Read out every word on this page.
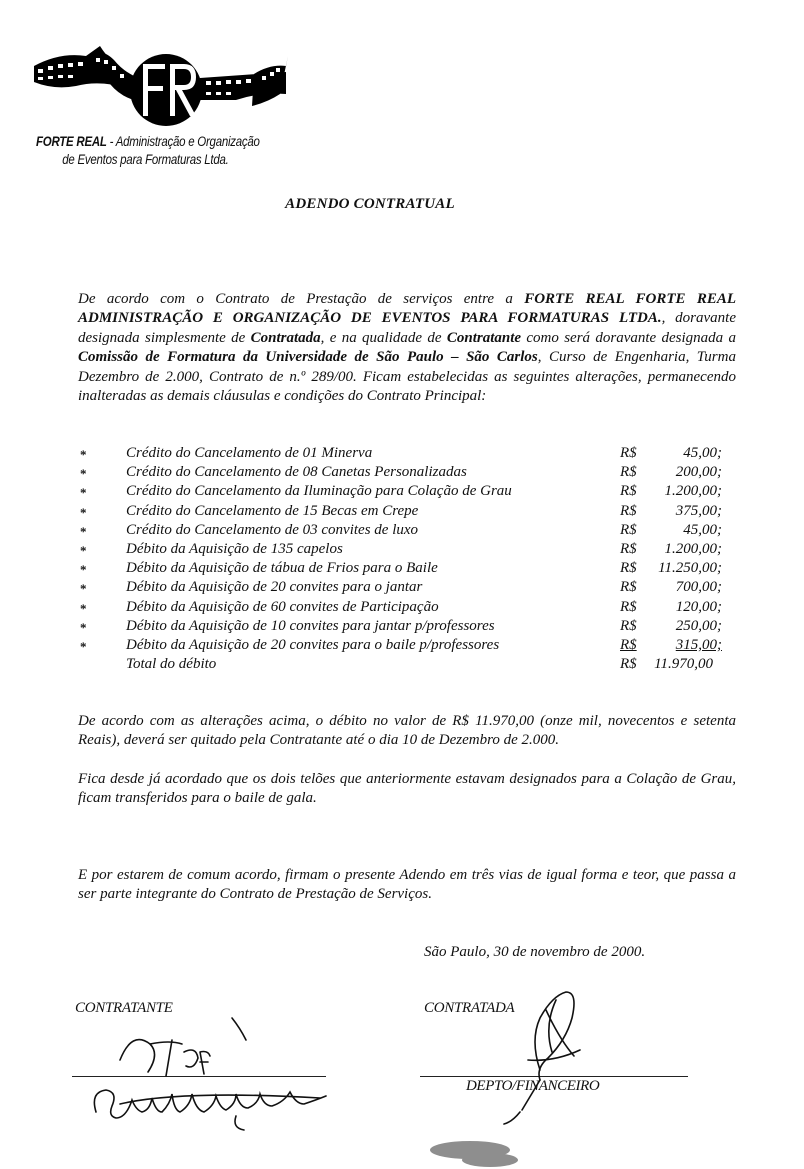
FORTE REAL - Administração e Organização
de Eventos para Formaturas Ltda.
ADENDO CONTRATUAL
De acordo com o Contrato de Prestação de serviços entre a FORTE REAL FORTE REAL ADMINISTRAÇÃO E ORGANIZAÇÃO DE EVENTOS PARA FORMATURAS LTDA., doravante designada simplesmente de Contratada, e na qualidade de Contratante como será doravante designada a Comissão de Formatura da Universidade de São Paulo – São Carlos, Curso de Engenharia, Turma Dezembro de 2.000, Contrato de n.º 289/00. Ficam estabelecidas as seguintes alterações, permanecendo inalteradas as demais cláusulas e condições do Contrato Principal:
*	Crédito do Cancelamento de 01 Minerva	R$	45,00;
*	Crédito do Cancelamento de 08 Canetas Personalizadas	R$	200,00;
*	Crédito do Cancelamento da Iluminação para Colação de Grau	R$ 1.200,00;
*	Crédito do Cancelamento de 15 Becas em Crepe	R$	375,00;
*	Crédito do Cancelamento de 03 convites de luxo	R$	45,00;
*	Débito da Aquisição de 135 capelos	R$ 1.200,00;
*	Débito da Aquisição de tábua de Frios para o Baile	R$ 11.250,00;
*	Débito da Aquisição de 20 convites para o jantar	R$	700,00;
*	Débito da Aquisição de 60 convites de Participação	R$	120,00;
*	Débito da Aquisição de 10 convites para jantar p/professores	R$	250,00;
*	Débito da Aquisição de 20 convites para o baile p/professores	R$	315,00;
Total do débito	R$ 11.970,00
De acordo com as alterações acima, o débito no valor de R$ 11.970,00 (onze mil, novecentos e setenta Reais), deverá ser quitado pela Contratante até o dia 10 de Dezembro de 2.000.
Fica desde já acordado que os dois telões que anteriormente estavam designados para a Colação de Grau, ficam transferidos para o baile de gala.
E por estarem de comum acordo, firmam o presente Adendo em três vias de igual forma e teor, que passa a ser parte integrante do Contrato de Prestação de Serviços.
São Paulo, 30 de novembro de 2000.
CONTRATANTE	CONTRATADA
DEPTO/FINANCEIRO
